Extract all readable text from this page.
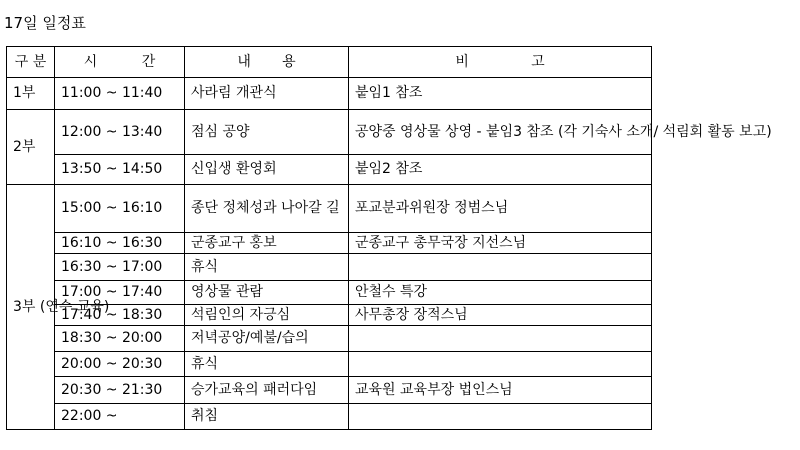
17일 일정표
구 분	시          간	내       용	비              고
1부	11:00 ~ 11:40	사라림 개관식	붙임1 참조
2부	12:00 ~ 13:40	점심 공양	공양중 영상물 상영 - 붙임3 참조 (각 기숙사 소개/ 석림회 활동 보고)
	13:50 ~ 14:50	신입생 환영회	붙임2 참조
3부 (연수 교육)	15:00 ~ 16:10	종단 정체성과 나아갈 길	포교분과위원장 정범스님
	16:10 ~ 16:30	군종교구 홍보	군종교구 총무국장 지선스님
	16:30 ~ 17:00	휴식	
	17:00 ~ 17:40	영상물 관람	안철수 특강
	17:40 ~ 18:30	석림인의 자긍심	사무총장 장적스님
	18:30 ~ 20:00	저녁공양/예불/습의	
	20:00 ~ 20:30	휴식	
	20:30 ~ 21:30	승가교육의 패러다임	교육원 교육부장 법인스님
	22:00 ~	취침	
